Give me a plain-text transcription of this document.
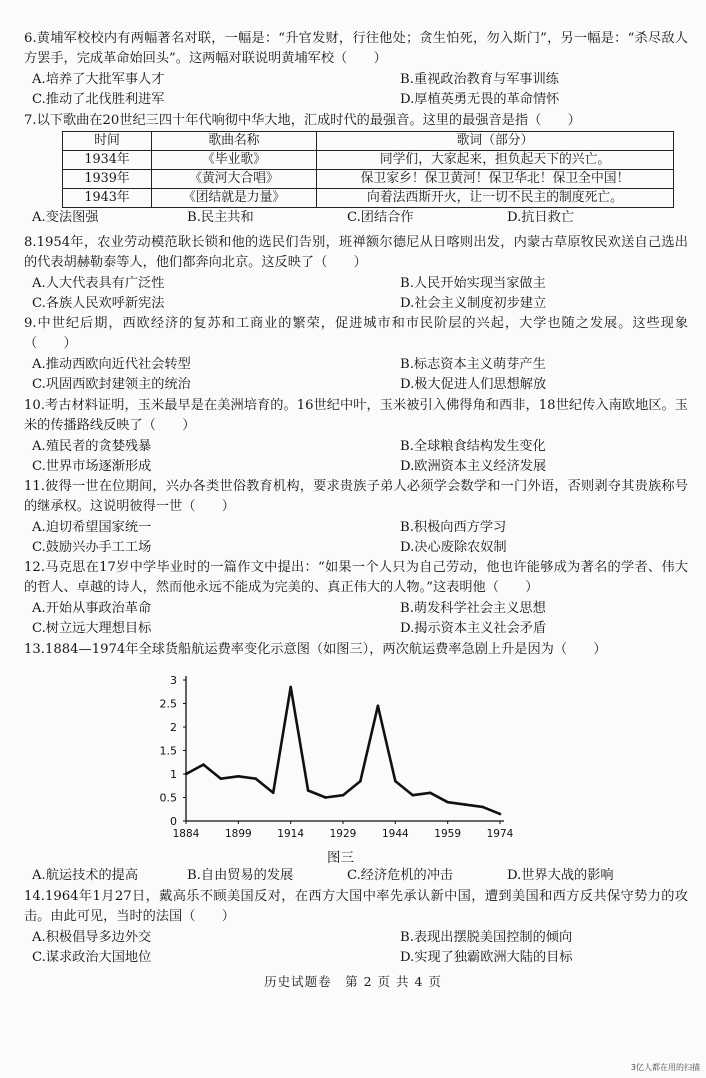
6.黄埔军校校内有两幅著名对联，一幅是：“升官发财，行往他处；贪生怕死，勿入斯门”，另一幅是：“杀尽敌人方罢手，完成革命始回头”。这两幅对联说明黄埔军校（　　）
A.培养了大批军事人才	B.重视政治教育与军事训练
C.推动了北伐胜利进军	D.厚植英勇无畏的革命情怀
7.以下歌曲在20世纪三四十年代响彻中华大地，汇成时代的最强音。这里的最强音是指（　　）
时间	歌曲名称	歌词（部分）
1934年	《毕业歌》	同学们，大家起来，担负起天下的兴亡。
1939年	《黄河大合唱》	保卫家乡！保卫黄河！保卫华北！保卫全中国！
1943年	《团结就是力量》	向着法西斯开火，让一切不民主的制度死亡。
A.变法图强	B.民主共和	C.团结合作	D.抗日救亡
8.1954年，农业劳动模范耿长锁和他的选民们告别，班禅额尔德尼从日喀则出发，内蒙古草原牧民欢送自己选出的代表胡赫勒泰等人，他们都奔向北京。这反映了（　　）
A.人大代表具有广泛性	B.人民开始实现当家做主
C.各族人民欢呼新宪法	D.社会主义制度初步建立
9.中世纪后期，西欧经济的复苏和工商业的繁荣，促进城市和市民阶层的兴起，大学也随之发展。这些现象（　　）
A.推动西欧向近代社会转型	B.标志资本主义萌芽产生
C.巩固西欧封建领主的统治	D.极大促进人们思想解放
10.考古材料证明，玉米最早是在美洲培育的。16世纪中叶，玉米被引入佛得角和西非，18世纪传入南欧地区。玉米的传播路线反映了（　　）
A.殖民者的贪婪残暴	B.全球粮食结构发生变化
C.世界市场逐渐形成	D.欧洲资本主义经济发展
11.彼得一世在位期间，兴办各类世俗教育机构，要求贵族子弟人必须学会数学和一门外语，否则剥夺其贵族称号的继承权。这说明彼得一世（　　）
A.迫切希望国家统一	B.积极向西方学习
C.鼓励兴办手工工场	D.决心废除农奴制
12.马克思在17岁中学毕业时的一篇作文中提出：“如果一个人只为自己劳动，他也许能够成为著名的学者、伟大的哲人、卓越的诗人，然而他永远不能成为完美的、真正伟大的人物。”这表明他（　　）
A.开始从事政治革命	B.萌发科学社会主义思想
C.树立远大理想目标	D.揭示资本主义社会矛盾
13.1884—1974年全球货船航运费率变化示意图（如图三），两次航运费率急剧上升是因为（　　）
0
0.5
1
1.5
2
2.5
3
1884 1899 1914 1929 1944 1959 1974
图三
A.航运技术的提高	B.自由贸易的发展	C.经济危机的冲击	D.世界大战的影响
14.1964年1月27日，戴高乐不顾美国反对，在西方大国中率先承认新中国，遭到美国和西方反共保守势力的攻击。由此可见，当时的法国（　　）
A.积极倡导多边外交	B.表现出摆脱美国控制的倾向
C.谋求政治大国地位	D.实现了独霸欧洲大陆的目标
历史试题卷　第 2 页 共 4 页
3亿人都在用的扫描
